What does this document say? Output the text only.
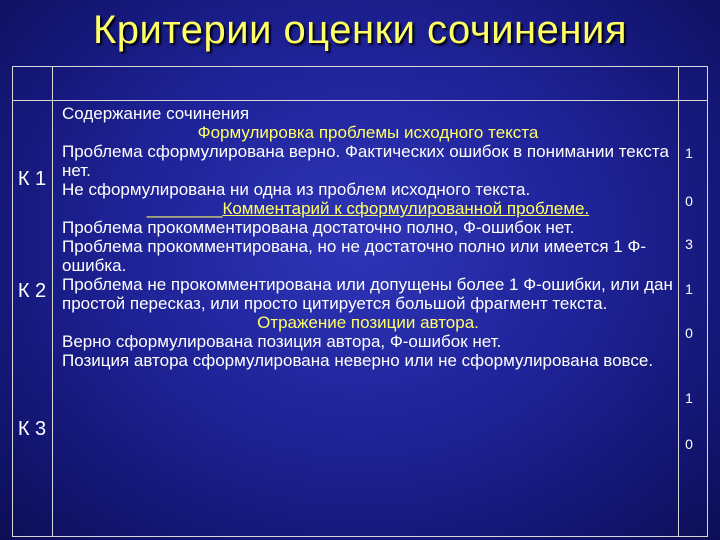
Критерии оценки сочинения
К 1
К 2
К 3
Содержание сочинения
Формулировка проблемы исходного текста
Проблема сформулирована верно. Фактических ошибок в понимании текста нет.
Не сформулирована ни одна из проблем исходного текста.
________Комментарий к сформулированной проблеме.
Проблема прокомментирована достаточно полно, Ф-ошибок нет.
Проблема прокомментирована, но не достаточно полно или имеется 1 Ф-ошибка.
Проблема не прокомментирована или допущены более 1 Ф-ошибки, или дан простой пересказ, или просто цитируется большой фрагмент текста.
Отражение позиции автора.
Верно сформулирована позиция автора, Ф-ошибок нет.
Позиция автора сформулирована неверно или не сформулирована вовсе.
1
0
3
1
0
1
0
